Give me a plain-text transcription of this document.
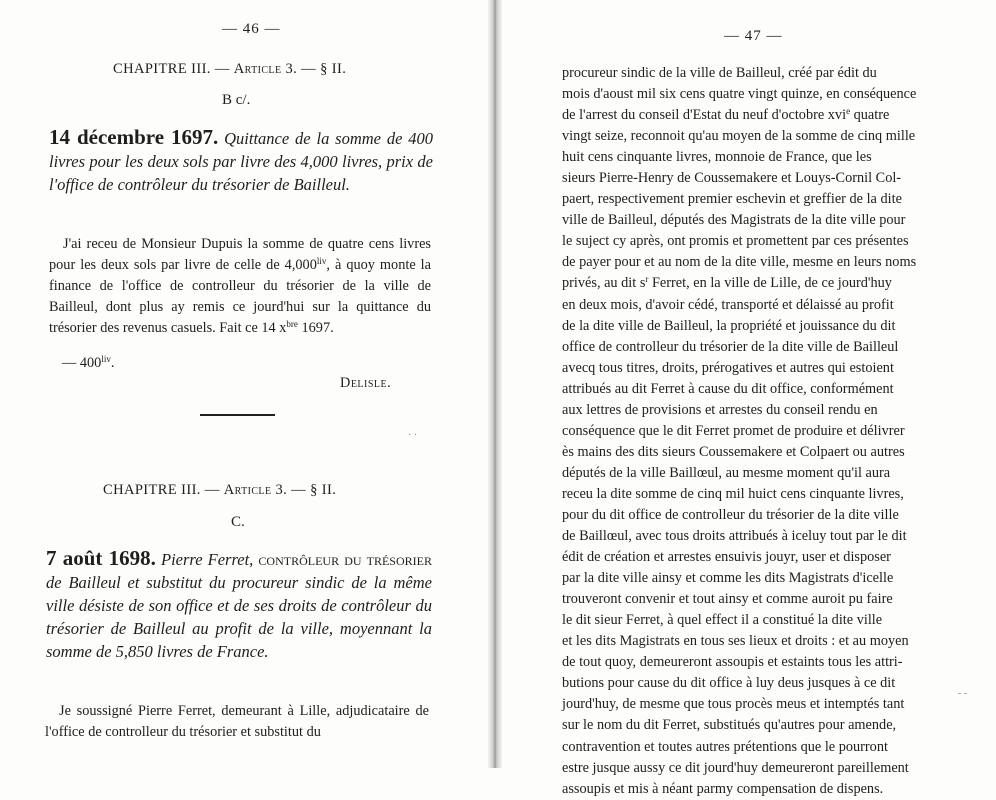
— 46 —
CHAPITRE III. — Article 3. — § II.
B c/.
14 décembre 1697. Quittance de la somme de 400 livres pour les deux sols par livre des 4,000 livres, prix de l'office de contrôleur du trésorier de Bailleul.

J'ai receu de Monsieur Dupuis la somme de quatre cens livres pour les deux sols par livre de celle de $4,000^{liv}$, à quoy monte la finance de l'office de controlleur du trésorier de la ville de Bailleul, dont plus ay remis ce jourd'hui sur la quittance du trésorier des revenus casuels. Fait ce 14 $x^{bre}$ 1697.

— $400^{liv}$.
Delisle.
· ·
CHAPITRE III. — Article 3. — § II.
C.
7 août 1698. Pierre Ferret, contrôleur du trésorier de Bailleul et substitut du procureur sindic de la même ville désiste de son office et de ses droits de contrôleur du trésorier de Bailleul au profit de la ville, moyennant la somme de 5,850 livres de France.

Je soussigné Pierre Ferret, demeurant à Lille, adjudicataire de l'office de controlleur du trésorier et substitut du

— 47 —
procureur sindic de la ville de Bailleul, créé par édit du
mois d'aoust mil six cens quatre vingt quinze, en conséquence
de l'arrest du conseil d'Estat du neuf d'octobre xvi$^e$ quatre
vingt seize, reconnoit qu'au moyen de la somme de cinq mille
huit cens cinquante livres, monnoie de France, que les
sieurs Pierre-Henry de Coussemakere et Louys-Cornil Col-
paert, respectivement premier eschevin et greffier de la dite
ville de Bailleul, députés des Magistrats de la dite ville pour
le suject cy après, ont promis et promettent par ces présentes
de payer pour et au nom de la dite ville, mesme en leurs noms
privés, au dit $s^r$ Ferret, en la ville de Lille, de ce jourd'huy
en deux mois, d'avoir cédé, transporté et délaissé au profit
de la dite ville de Bailleul, la propriété et jouissance du dit
office de controlleur du trésorier de la dite ville de Bailleul
avecq tous titres, droits, prérogatives et autres qui estoient
attribués au dit Ferret à cause du dit office, conformément
aux lettres de provisions et arrestes du conseil rendu en
conséquence que le dit Ferret promet de produire et délivrer
ès mains des dits sieurs Coussemakere et Colpaert ou autres
députés de la ville Baillœul, au mesme moment qu'il aura
receu la dite somme de cinq mil huict cens cinquante livres,
pour du dit office de controlleur du trésorier de la dite ville
de Baillœul, avec tous droits attribués à iceluy tout par le dit
édit de création et arrestes ensuivis jouyr, user et disposer
par la dite ville ainsy et comme les dits Magistrats d'icelle
trouveront convenir et tout ainsy et comme auroit pu faire
le dit sieur Ferret, à quel effect il a constitué la dite ville
et les dits Magistrats en tous ses lieux et droits : et au moyen
de tout quoy, demeureront assoupis et estaints tous les attri-
butions pour cause du dit office à luy deus jusques à ce dit
jourd'huy, de mesme que tous procès meus et intemptés tant
sur le nom du dit Ferret, substitués qu'autres pour amende,
contravention et toutes autres prétentions que le pourront
estre jusque aussy ce dit jourd'huy demeureront pareillement
assoupis et mis à néant parmy compensation de dispens.
- -
